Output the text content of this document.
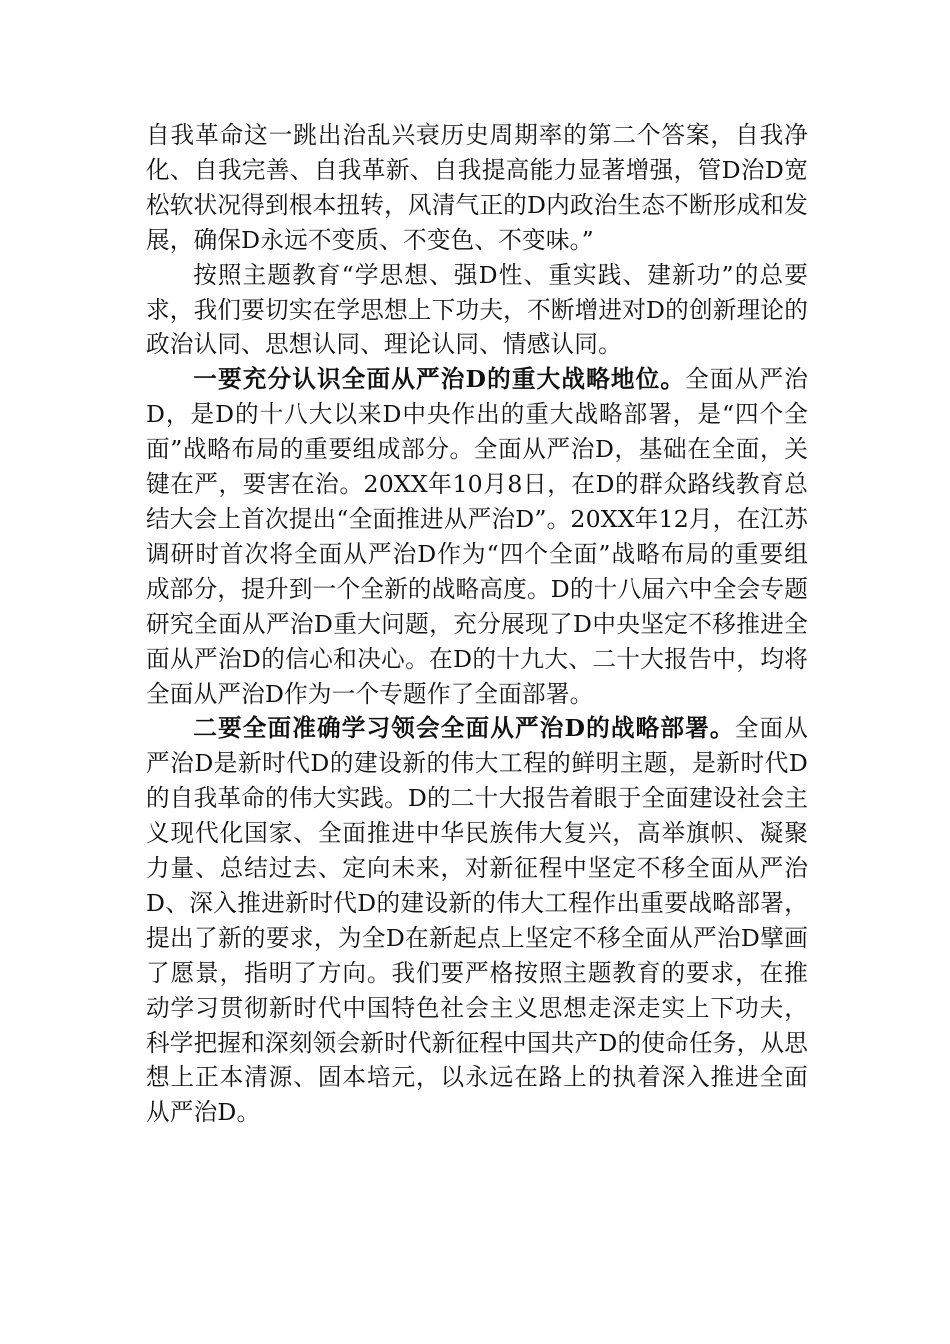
自我革命这一跳出治乱兴衰历史周期率的第二个答案，自我净化、自我完善、自我革新、自我提高能力显著增强，管D治D宽松软状况得到根本扭转，风清气正的D内政治生态不断形成和发展，确保D永远不变质、不变色、不变味。”

按照主题教育“学思想、强D性、重实践、建新功”的总要求，我们要切实在学思想上下功夫，不断增进对D的创新理论的政治认同、思想认同、理论认同、情感认同。

一要充分认识全面从严治D的重大战略地位。全面从严治D，是D的十八大以来D中央作出的重大战略部署，是“四个全面”战略布局的重要组成部分。全面从严治D，基础在全面，关键在严，要害在治。20XX年10月8日，在D的群众路线教育总结大会上首次提出“全面推进从严治D”。20XX年12月，在江苏调研时首次将全面从严治D作为“四个全面”战略布局的重要组成部分，提升到一个全新的战略高度。D的十八届六中全会专题研究全面从严治D重大问题，充分展现了D中央坚定不移推进全面从严治D的信心和决心。在D的十九大、二十大报告中，均将全面从严治D作为一个专题作了全面部署。

二要全面准确学习领会全面从严治D的战略部署。全面从严治D是新时代D的建设新的伟大工程的鲜明主题，是新时代D的自我革命的伟大实践。D的二十大报告着眼于全面建设社会主义现代化国家、全面推进中华民族伟大复兴，高举旗帜、凝聚力量、总结过去、定向未来，对新征程中坚定不移全面从严治D、深入推进新时代D的建设新的伟大工程作出重要战略部署，提出了新的要求，为全D在新起点上坚定不移全面从严治D擘画了愿景，指明了方向。我们要严格按照主题教育的要求，在推动学习贯彻新时代中国特色社会主义思想走深走实上下功夫，科学把握和深刻领会新时代新征程中国共产D的使命任务，从思想上正本清源、固本培元，以永远在路上的执着深入推进全面从严治D。
